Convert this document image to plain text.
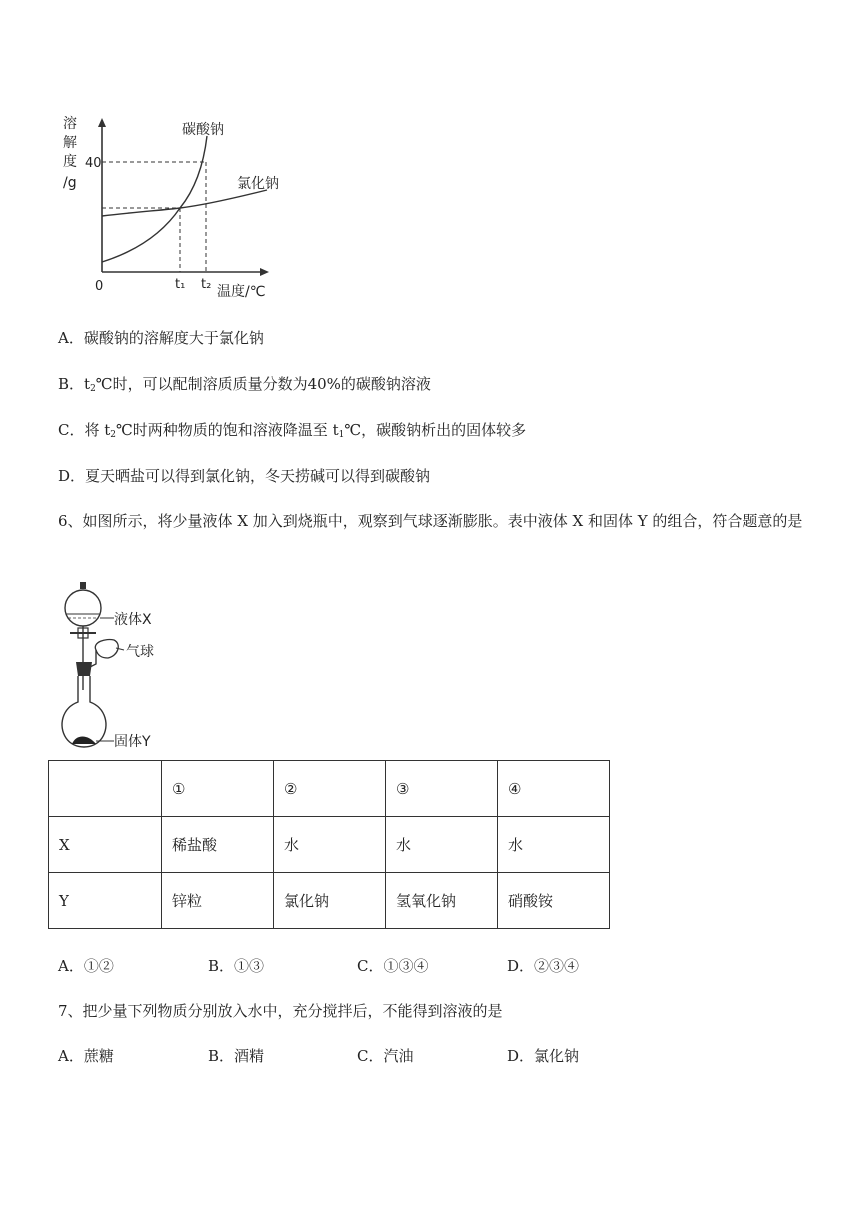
溶
解
度
/g
40
0	t₁ t₂ 温度/℃
碳酸钠
氯化钠
A．碳酸钠的溶解度大于氯化钠
B．$t_2℃$时，可以配制溶质质量分数为40%的碳酸钠溶液
C．将 $t_2℃$时两种物质的饱和溶液降温至 $t_1℃$，碳酸钠析出的固体较多
D．夏天晒盐可以得到氯化钠，冬天捞碱可以得到碳酸钠
6、如图所示，将少量液体 X 加入到烧瓶中，观察到气球逐渐膨胀。表中液体 X 和固体 Y 的组合，符合题意的是
液体X
气球
固体Y
	①	②	③	④
X	稀盐酸	水	水	水
Y	锌粒	氯化钠	氢氧化钠	硝酸铵
A．①②	B．①③	C．①③④	D．②③④
7、把少量下列物质分别放入水中，充分搅拌后，不能得到溶液的是
A．蔗糖	B．酒精	C．汽油	D．氯化钠
